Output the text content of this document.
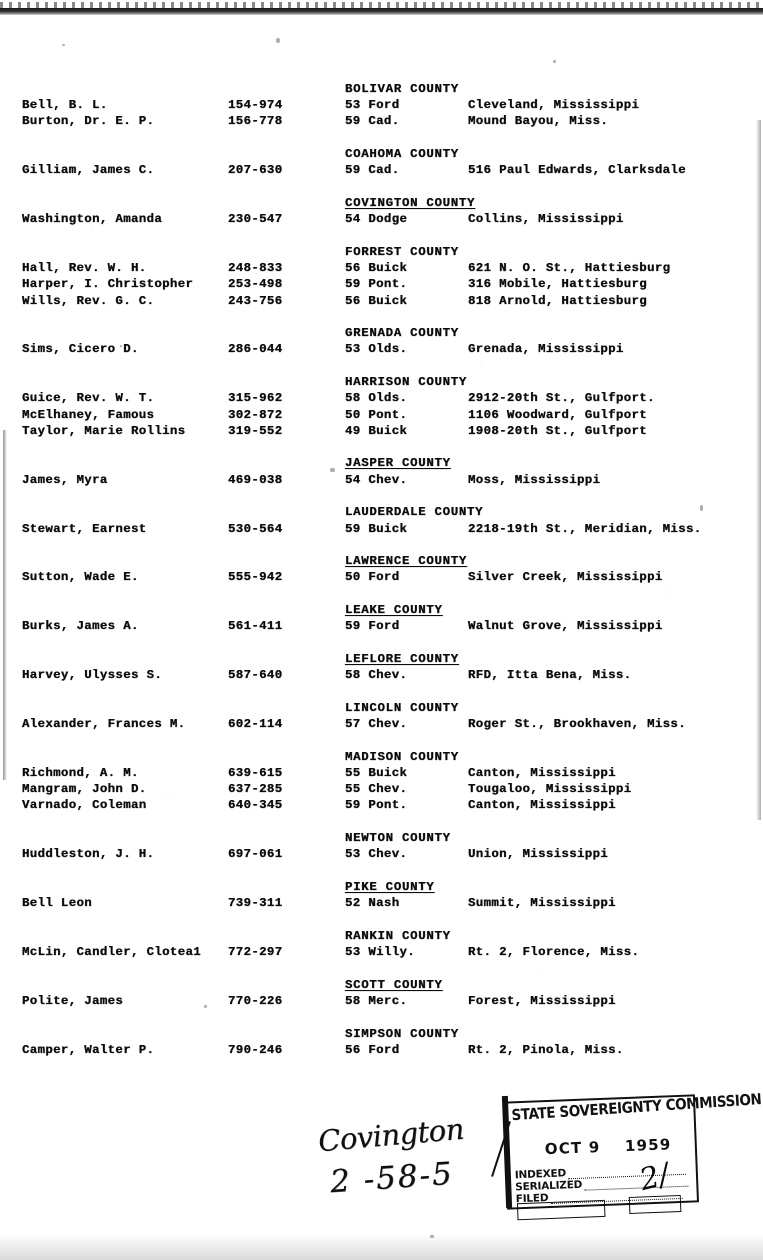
BOLIVAR COUNTY
Bell, B. L.	154-974	53 Ford	Cleveland, Mississippi
Burton, Dr. E. P.	156-778	59 Cad.	Mound Bayou, Miss.
COAHOMA COUNTY
Gilliam, James C.	207-630	59 Cad.	516 Paul Edwards, Clarksdale
COVINGTON COUNTY
Washington, Amanda	230-547	54 Dodge	Collins, Mississippi
FORREST COUNTY
Hall, Rev. W. H.	248-833	56 Buick	621 N. O. St., Hattiesburg
Harper, I. Christopher	253-498	59 Pont.	316 Mobile, Hattiesburg
Wills, Rev. G. C.	243-756	56 Buick	818 Arnold, Hattiesburg
GRENADA COUNTY
Sims, Cicero D.	286-044	53 Olds.	Grenada, Mississippi
HARRISON COUNTY
Guice, Rev. W. T.	315-962	58 Olds.	2912-20th St., Gulfport.
McElhaney, Famous	302-872	50 Pont.	1106 Woodward, Gulfport
Taylor, Marie Rollins	319-552	49 Buick	1908-20th St., Gulfport
JASPER COUNTY
James, Myra	469-038	54 Chev.	Moss, Mississippi
LAUDERDALE COUNTY
Stewart, Earnest	530-564	59 Buick	2218-19th St., Meridian, Miss.
LAWRENCE COUNTY
Sutton, Wade E.	555-942	50 Ford	Silver Creek, Mississippi
LEAKE COUNTY
Burks, James A.	561-411	59 Ford	Walnut Grove, Mississippi
LEFLORE COUNTY
Harvey, Ulysses S.	587-640	58 Chev.	RFD, Itta Bena, Miss.
LINCOLN COUNTY
Alexander, Frances M.	602-114	57 Chev.	Roger St., Brookhaven, Miss.
MADISON COUNTY
Richmond, A. M.	639-615	55 Buick	Canton, Mississippi
Mangram, John D.	637-285	55 Chev.	Tougaloo, Mississippi
Varnado, Coleman	640-345	59 Pont.	Canton, Mississippi
NEWTON COUNTY
Huddleston, J. H.	697-061	53 Chev.	Union, Mississippi
PIKE COUNTY
Bell Leon	739-311	52 Nash	Summit, Mississippi
RANKIN COUNTY
McLin, Candler, Clotea1 772-297	53 Willy.	Rt. 2, Florence, Miss.
SCOTT COUNTY
Polite, James	770-226	58 Merc.	Forest, Mississippi
SIMPSON COUNTY
Camper, Walter P.	790-246	56 Ford	Rt. 2, Pinola, Miss.
Covington
2 -58-5
STATE SOVEREIGNTY COMMISSION
OCT 9 1959
INDEXED
SERIALIZED
FILED
2/
